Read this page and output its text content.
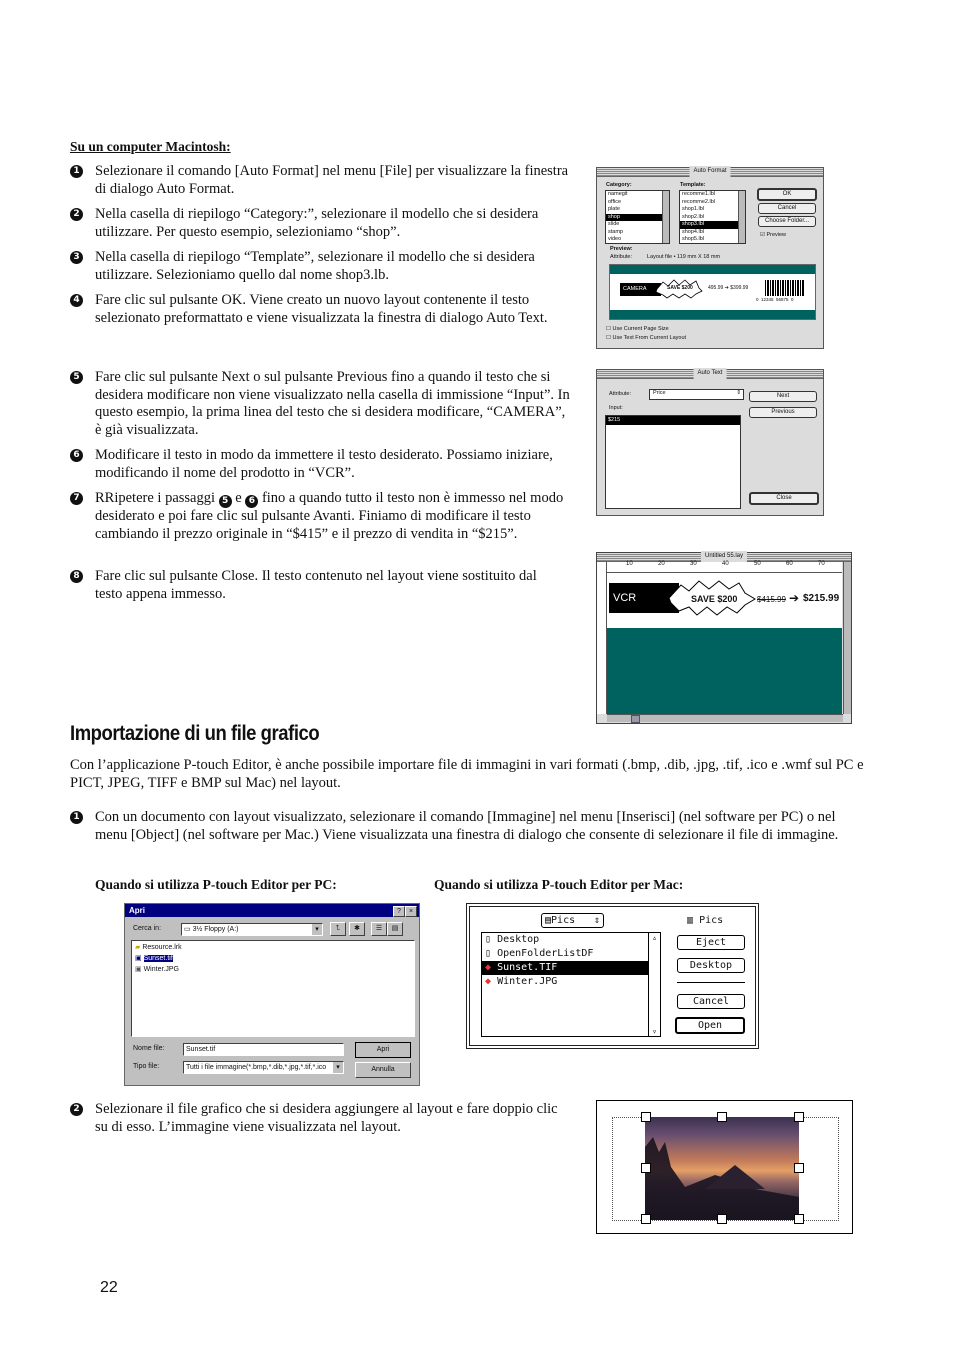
Su un computer Macintosh:
1 Selezionare il comando [Auto Format] nel menu [File] per visualizzare la finestra di dialogo Auto Format.
2 Nella casella di riepilogo “Category:”, selezionare il modello che si desidera utilizzare. Per questo esempio, selezioniamo “shop”.
3 Nella casella di riepilogo “Template”, selezionare il modello che si desidera utilizzare. Selezioniamo quello dal nome shop3.lb.
4 Fare clic sul pulsante OK. Viene creato un nuovo layout contenente il testo selezionato preformattato e viene visualizzata la finestra di dialogo Auto Text.
5 Fare clic sul pulsante Next o sul pulsante Previous fino a quando il testo che si desidera modificare non viene visualizzato nella casella di immissione “Input”. In questo esempio, la prima linea del testo che si desidera modificare, “CAMERA”, è già visualizzata.
6 Modificare il testo in modo da immettere il testo desiderato. Possiamo iniziare, modificando il nome del prodotto in “VCR”.
7 RRipetere i passaggi 5 e 6 fino a quando tutto il testo non è immesso nel modo desiderato e poi fare clic sul pulsante Avanti. Finiamo di modificare il testo cambiando il prezzo originale in “$415” e il prezzo di vendita in “$215”.
8 Fare clic sul pulsante Close. Il testo contenuto nel layout viene sostituito dal testo appena immesso.
Auto Format
Category:
namegit
office
plate
shop
slide
stamp
video
Template:
recomme1.lbl
recomme2.lbl
shop1.lbl
shop2.lbl
shop3.lbl
shop4.lbl
shop5.lbl
OK
Cancel
Choose Folder...
☑ Preview
Preview:
Attribute:	Layout file • 119 mm X 18 mm
CAMERA	SAVE $200	495.99 ➔ $399.99
0  12345  56875  0
☐ Use Current Page Size
☐ Use Text From Current Layout
Auto Text
Attribute:	Price	⇕
Input:
$215
Next
Previous
Close
Untitled 55.lay
10	20	30	40	50	60	70
VCR	SAVE $200 $415.99 ➔ $215.99
Importazione di un file grafico
Con l’applicazione P-touch Editor, è anche possibile importare file di immagini in vari formati (.bmp, .dib, .jpg, .tif, .ico e .wmf sul PC e PICT, JPEG, TIFF e BMP sul Mac) nel layout.
1 Con un documento con layout visualizzato, selezionare il comando [Immagine] nel menu [Inserisci] (nel software per PC) o nel menu [Object] (nel software per Mac.) Viene visualizzata una finestra di dialogo che consente di selezionare il file di immagine.
Quando si utilizza P-touch Editor per PC:	Quando si utilizza P-touch Editor per Mac:
Apri	?	×
Cerca in:	▭ 3½ Floppy (A:)	▾	⮤	✱	☰	▤
▰ Resource.lrk
▣ Sunset.tif
▣ Winter.JPG
Nome file:	Sunset.tif
Tipo file:	Tutti i file immagine(*.bmp,*.dib,*.jpg,*.tif,*.ico	▾
Apri
Annulla
▤Pics ⇕	▥ Pics
▯ Desktop
▯ OpenFolderListDF
◆ Sunset.TIF
◆ Winter.JPG
▵
▿
Eject
Desktop
Cancel
Open
2 Selezionare il file grafico che si desidera aggiungere al layout e fare doppio clic su di esso. L’immagine viene visualizzata nel layout.
22
